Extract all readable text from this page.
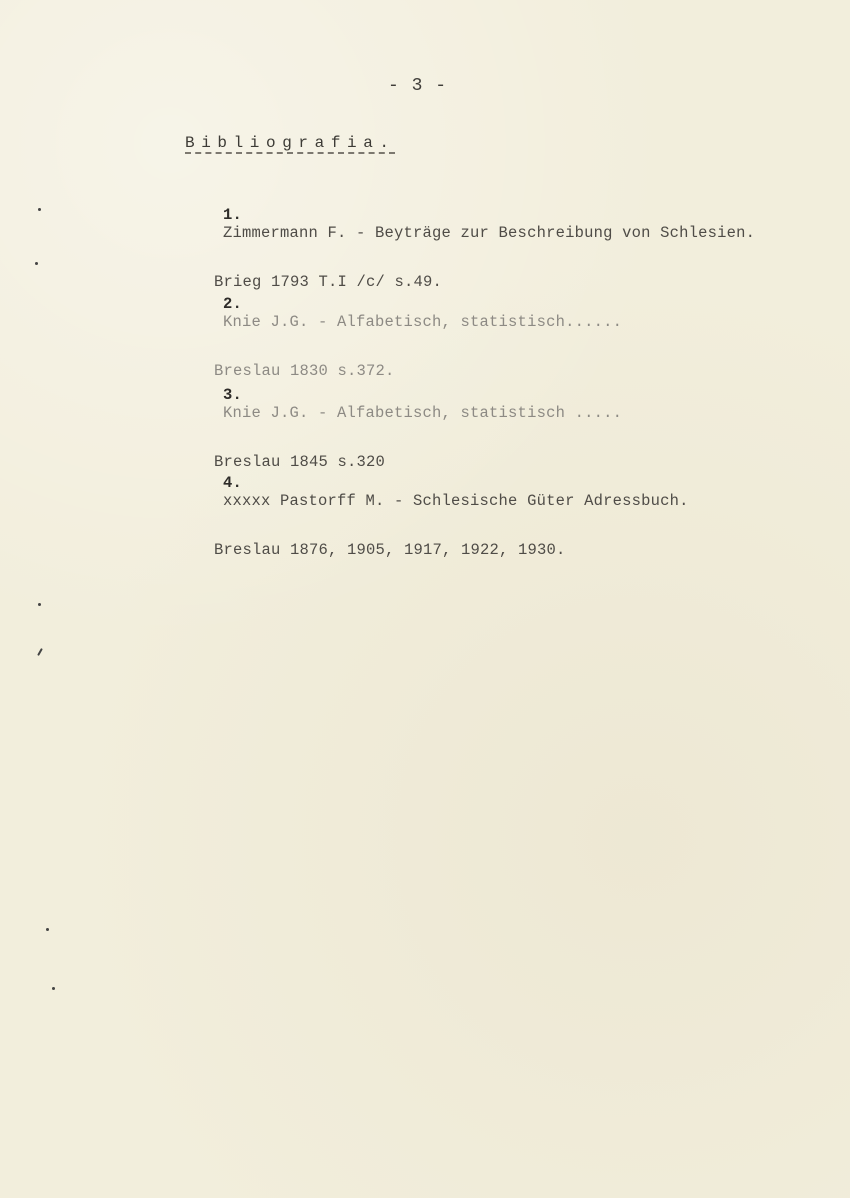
- 3 -
Bibliografia.

1.
Zimmermann F. - Beyträge zur Beschreibung von Schlesien.

Brieg 1793 T.I /c/ s.49.

2.
Knie J.G. - Alfabetisch, statistisch......

Breslau 1830 s.372.

3.
Knie J.G. - Alfabetisch, statistisch .....

Breslau 1845 s.320

4.
xxxxx Pastorff M. - Schlesische Güter Adressbuch.

Breslau 1876, 1905, 1917, 1922, 1930.
